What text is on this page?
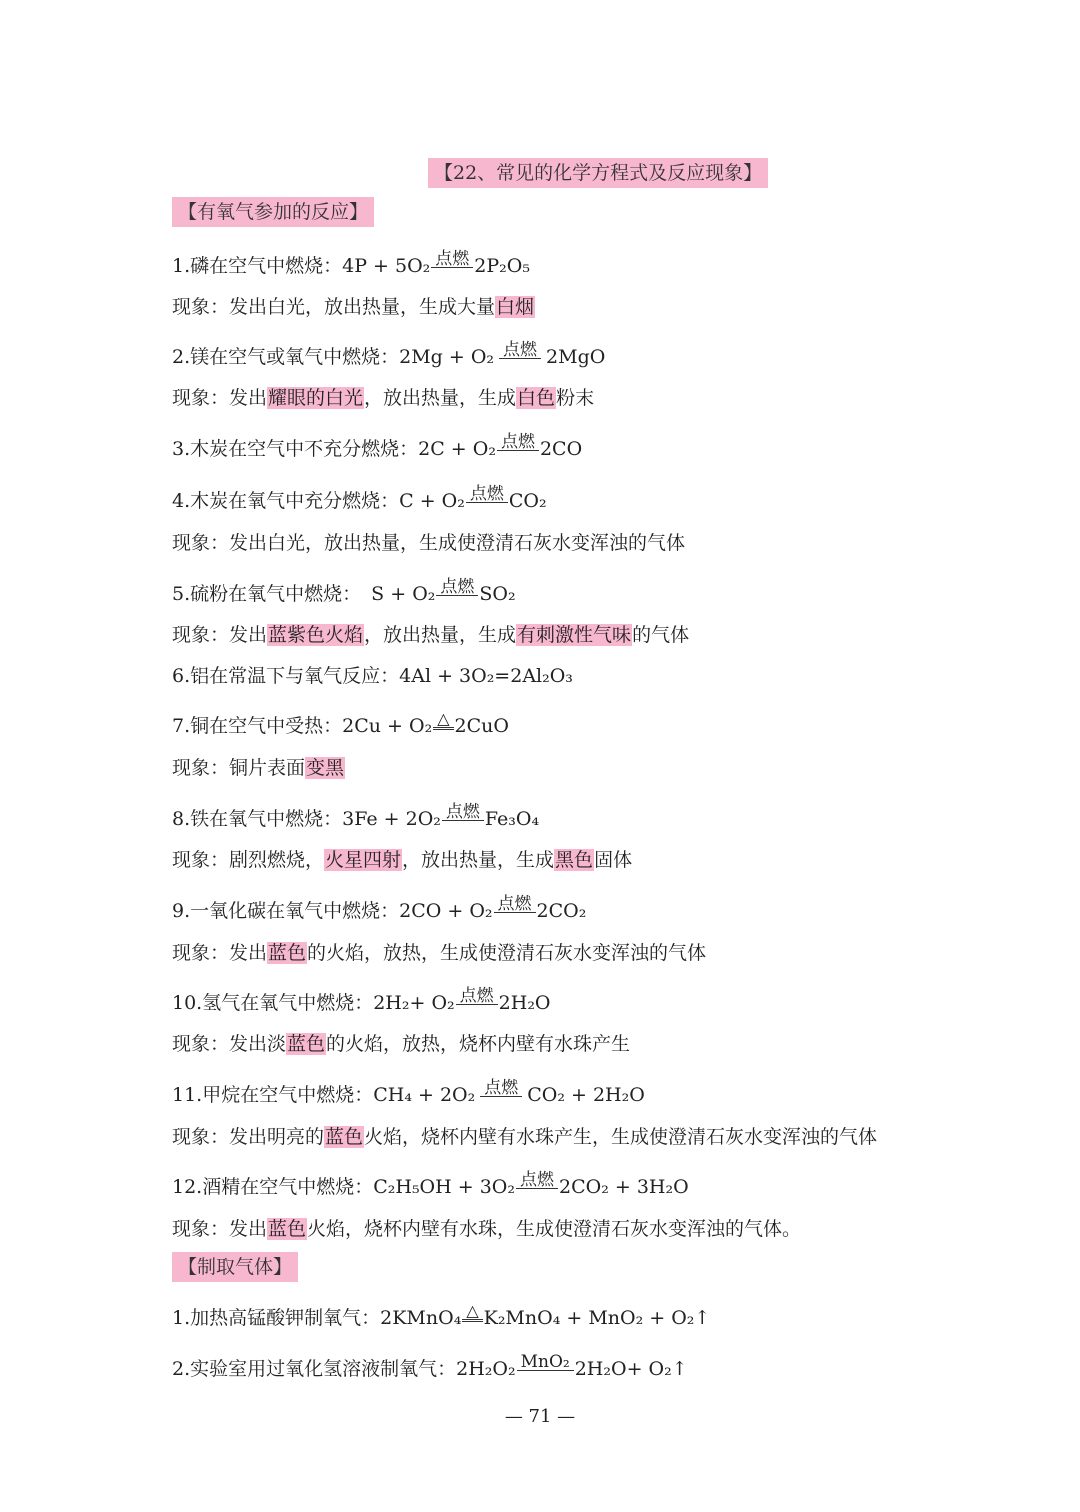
【22、常见的化学方程式及反应现象】
【有氧气参加的反应】
1.磷在空气中燃烧：4P + 5O₂ 点燃 2P₂O₅
现象：发出白光，放出热量，生成大量白烟
2.镁在空气或氧气中燃烧：2Mg + O₂ 点燃 2MgO
现象：发出耀眼的白光，放出热量，生成白色粉末
3.木炭在空气中不充分燃烧：2C + O₂ 点燃 2CO
4.木炭在氧气中充分燃烧：C + O₂ 点燃 CO₂
现象：发出白光，放出热量，生成使澄清石灰水变浑浊的气体
5.硫粉在氧气中燃烧： S + O₂ 点燃 SO₂
现象：发出蓝紫色火焰，放出热量，生成有刺激性气味的气体
6.铝在常温下与氧气反应：4Al + 3O₂=2Al₂O₃
7.铜在空气中受热：2Cu + O₂ △ 2CuO
现象：铜片表面变黑
8.铁在氧气中燃烧：3Fe + 2O₂ 点燃 Fe₃O₄
现象：剧烈燃烧，火星四射，放出热量，生成黑色固体
9.一氧化碳在氧气中燃烧：2CO + O₂ 点燃 2CO₂
现象：发出蓝色的火焰，放热，生成使澄清石灰水变浑浊的气体
10.氢气在氧气中燃烧：2H₂+ O₂ 点燃 2H₂O
现象：发出淡蓝色的火焰，放热，烧杯内壁有水珠产生
11.甲烷在空气中燃烧：CH₄ + 2O₂ 点燃 CO₂ + 2H₂O
现象：发出明亮的蓝色火焰，烧杯内壁有水珠产生，生成使澄清石灰水变浑浊的气体
12.酒精在空气中燃烧：C₂H₅OH + 3O₂ 点燃 2CO₂ + 3H₂O
现象：发出蓝色火焰，烧杯内壁有水珠，生成使澄清石灰水变浑浊的气体。
【制取气体】
1.加热高锰酸钾制氧气：2KMnO₄ △ K₂MnO₄ + MnO₂ + O₂↑
2.实验室用过氧化氢溶液制氧气：2H₂O₂ MnO₂ 2H₂O+ O₂↑
— 71 —
